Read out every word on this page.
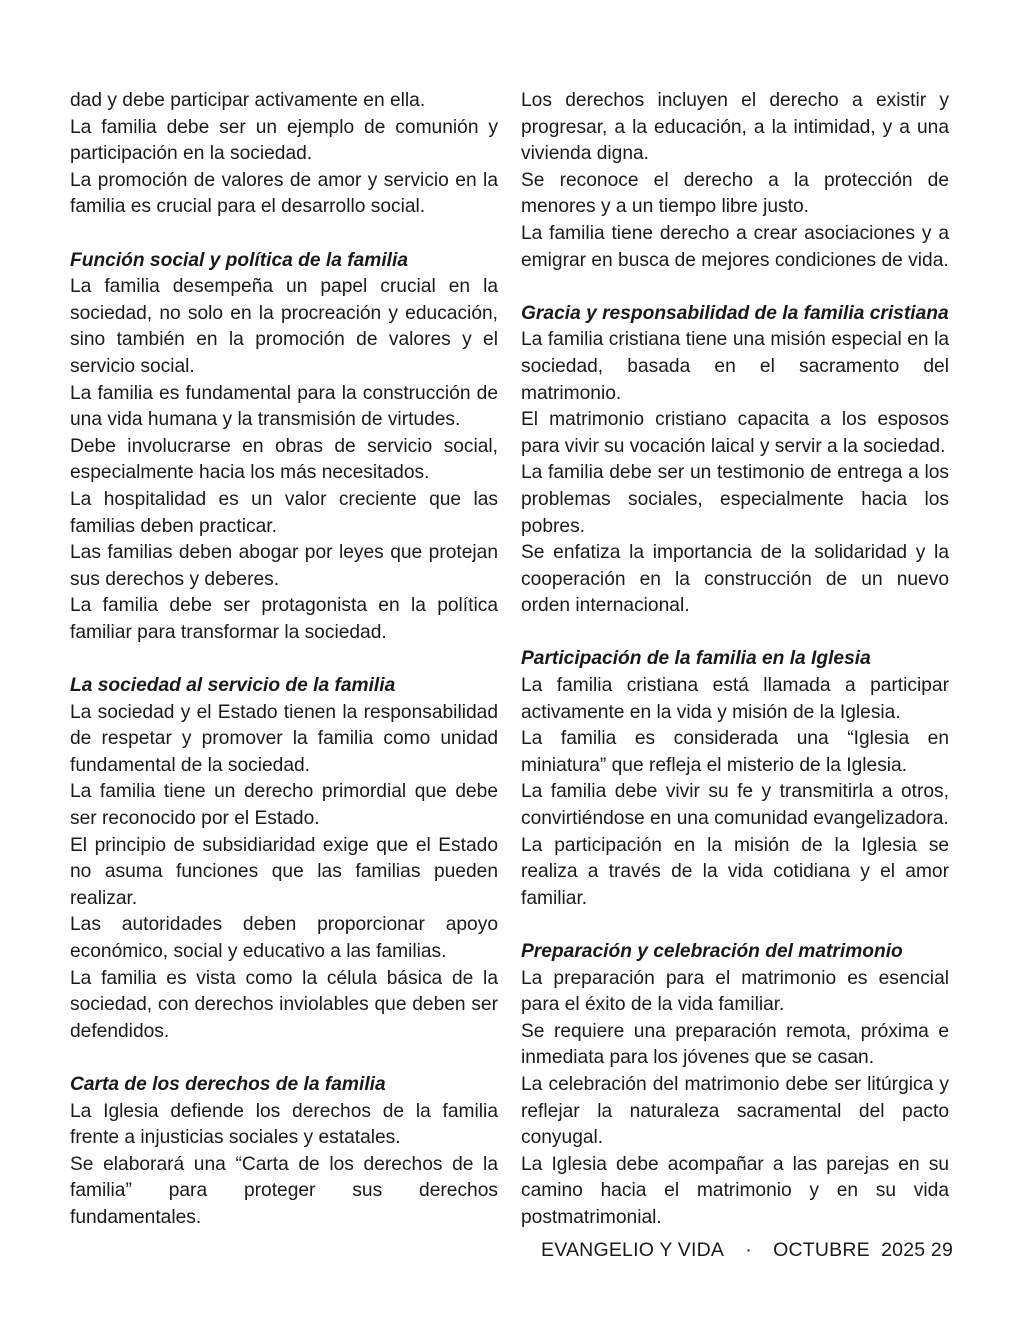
dad y debe participar activamente en ella.

La familia debe ser un ejemplo de comunión y participación en la sociedad.

La promoción de valores de amor y servicio en la familia es crucial para el desarrollo social.

Función social y política de la familia

La familia desempeña un papel crucial en la sociedad, no solo en la procreación y educación, sino también en la promoción de valores y el servicio social.

La familia es fundamental para la construcción de una vida humana y la transmisión de virtudes.

Debe involucrarse en obras de servicio social, especialmente hacia los más necesitados.

La hospitalidad es un valor creciente que las familias deben practicar.

Las familias deben abogar por leyes que protejan sus derechos y deberes.

La familia debe ser protagonista en la política familiar para transformar la sociedad.

La sociedad al servicio de la familia

La sociedad y el Estado tienen la responsabilidad de respetar y promover la familia como unidad fundamental de la sociedad.

La familia tiene un derecho primordial que debe ser reconocido por el Estado.

El principio de subsidiaridad exige que el Estado no asuma funciones que las familias pueden realizar.

Las autoridades deben proporcionar apoyo económico, social y educativo a las familias.

La familia es vista como la célula básica de la sociedad, con derechos inviolables que deben ser defendidos.

Carta de los derechos de la familia

La Iglesia defiende los derechos de la familia frente a injusticias sociales y estatales.

Se elaborará una “Carta de los derechos de la familia” para proteger sus derechos fundamentales.

Los derechos incluyen el derecho a existir y progresar, a la educación, a la intimidad, y a una vivienda digna.

Se reconoce el derecho a la protección de menores y a un tiempo libre justo.

La familia tiene derecho a crear asociaciones y a emigrar en busca de mejores condiciones de vida.

Gracia y responsabilidad de la familia cristiana

La familia cristiana tiene una misión especial en la sociedad, basada en el sacramento del matrimonio.

El matrimonio cristiano capacita a los esposos para vivir su vocación laical y servir a la sociedad.

La familia debe ser un testimonio de entrega a los problemas sociales, especialmente hacia los pobres.

Se enfatiza la importancia de la solidaridad y la cooperación en la construcción de un nuevo orden internacional.

Participación de la familia en la Iglesia

La familia cristiana está llamada a participar activamente en la vida y misión de la Iglesia.

La familia es considerada una “Iglesia en miniatura” que refleja el misterio de la Iglesia.

La familia debe vivir su fe y transmitirla a otros, convirtiéndose en una comunidad evangelizadora.

La participación en la misión de la Iglesia se realiza a través de la vida cotidiana y el amor familiar.

Preparación y celebración del matrimonio

La preparación para el matrimonio es esencial para el éxito de la vida familiar.

Se requiere una preparación remota, próxima e inmediata para los jóvenes que se casan.

La celebración del matrimonio debe ser litúrgica y reflejar la naturaleza sacramental del pacto conyugal.

La Iglesia debe acompañar a las parejas en su camino hacia el matrimonio y en su vida postmatrimonial.

EVANGELIO Y VIDA · OCTUBRE  2025 29
